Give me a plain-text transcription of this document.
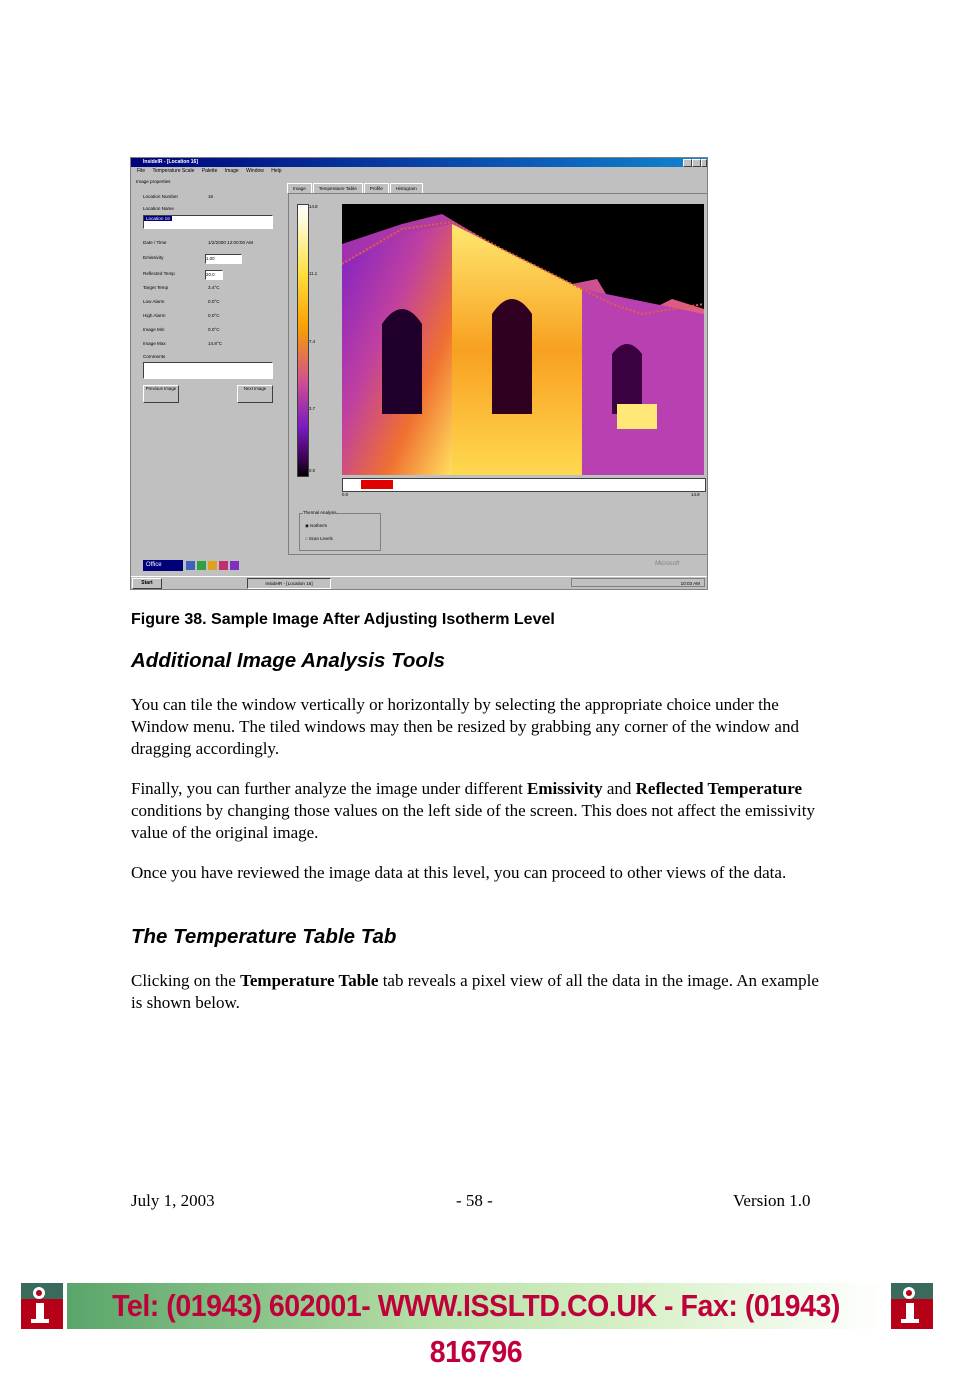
InsideIR - [Location 16]
File Temperature Scale Palette Image Window Help
Image properties
Location Number	16
Location Name
Location 16
Date / Time	1/2/2000 12:00:00 AM
Emissivity	1.00
Reflected Temp	20.0
Target Temp	3.4°C
Low Alarm	0.0°C
High Alarm	0.0°C
Image Min	0.0°C
Image Max	14.8°C
Comments
Previous Image	Next Image
Image	Temperature Table	Profile	Histogram
14.8
11.1
7.4
3.7
0.0
0.0	14.8
Thermal Analysis
◉ Isotherm
○ Scan Levels
Office	Microsoft
Start	InsideIR - [Location 16]	10:03 AM
Figure 38. Sample Image After Adjusting Isotherm Level
Additional Image Analysis Tools
You can tile the window vertically or horizontally by selecting the appropriate choice under the Window menu. The tiled windows may then be resized by grabbing any corner of the window and dragging accordingly.
Finally, you can further analyze the image under different Emissivity and Reflected Temperature conditions by changing those values on the left side of the screen. This does not affect the emissivity value of the original image.
Once you have reviewed the image data at this level, you can proceed to other views of the data.
The Temperature Table Tab
Clicking on the Temperature Table tab reveals a pixel view of all the data in the image. An example is shown below.
July 1, 2003	- 58 -	Version 1.0
Tel: (01943) 602001- WWW.ISSLTD.CO.UK - Fax: (01943) 816796
